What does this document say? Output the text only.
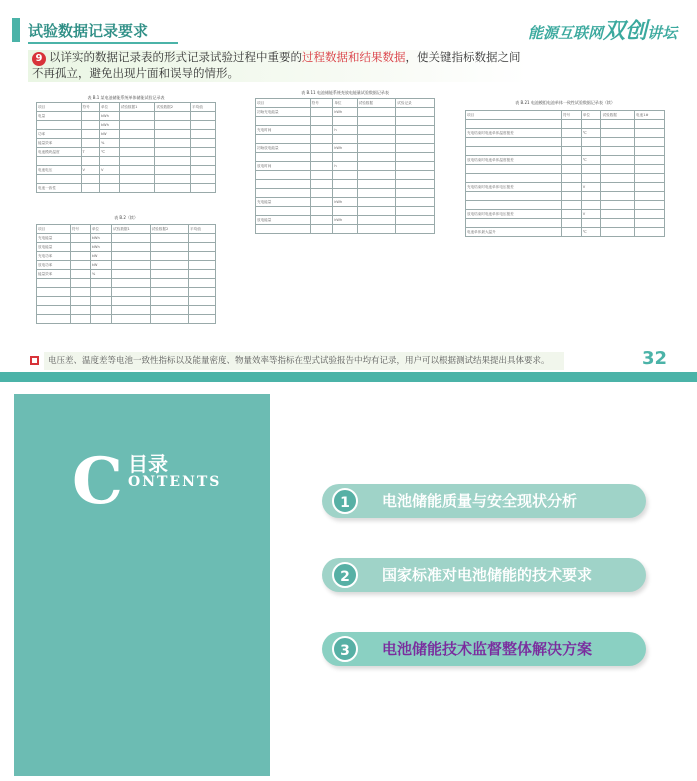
试验数据记录要求	能源互联网双创讲坛
9 以详实的数据记录表的形式记录试验过程中重要的过程数据和结果数据，使关键指标数据之间不再孤立，避免出现片面和误导的情形。
表 B.1 某电池储能系统单体储能试验记录表
项目	符号	单位	试验数据1	试验数据2	平均值
电量		kWh			
		kWh			
功率		kW			
能量效率		%			
电池模块温度	T	℃			

电池电压	V	V			

电池一致性					
表 B.2（续）
项目	符号	单位	试验数据1	试验数据2	平均值
充电能量		kWh			
放电能量		kWh			
充电功率		kW			
放电功率		kW			
能量效率		%			

表 B.11 电池储能系统充放电能量试验数据记录表
项目	符号	单位	试验数据	试验记录
初始充电能量		kWh		

充电时间		h		

初始放电能量		kWh		

放电时间		h		

充电能量		kWh		

放电能量		kWh		

表 B.21 电池模组电池单体一致性试验数据记录表（续）
项目	符号	单位	试验数据	电池1#

充电结束时电池单体温度极差		℃		

放电结束时电池单体温度极差		℃		

充电结束时电池单体电压极差		V		

放电结束时电池单体电压极差		V		

电池单体最大温升		℃		
电压差、温度差等电池一致性指标以及能量密度、物量效率等指标在型式试验报告中均有记录，用户可以根据测试结果提出具体要求。	32
C 目录
ONTENTS
1	电池储能质量与安全现状分析
2	国家标准对电池储能的技术要求
3	电池储能技术监督整体解决方案
